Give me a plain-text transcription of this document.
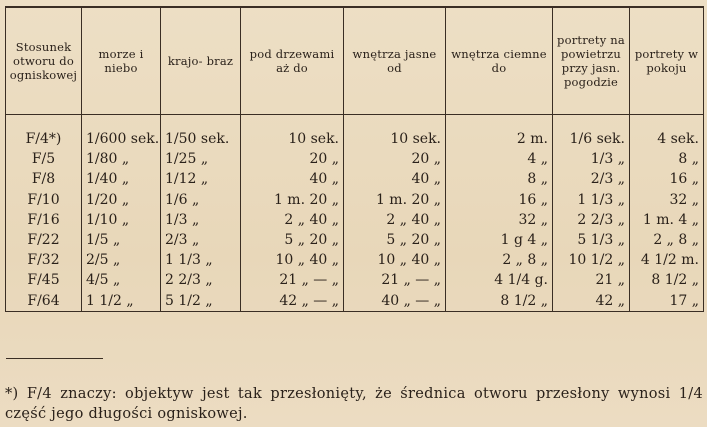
Stosunek otworu do ogniskowej	morze i niebo	krajo- braz	pod drzewami aż do	wnętrza jasne od	wnętrza ciemne do	portrety na powietrzu przy jasn. pogodzie	portrety w pokoju

F/4*)	1/600 sek.	1/50 sek.	10 sek.	10 sek.	2 m.	1/6 sek.	4 sek.
F/5	1/80 „	1/25 „	20 „	20 „	4 „	1/3 „	8 „
F/8	1/40 „	1/12 „	40 „	40 „	8 „	2/3 „	16 „
F/10	1/20 „	1/6 „	1 m. 20 „	1 m. 20 „	16 „	1 1/3 „	32 „
F/16	1/10 „	1/3 „	2 „ 40 „	2 „ 40 „	32 „	2 2/3 „	1 m. 4 „
F/22	1/5 „	2/3 „	5 „ 20 „	5 „ 20 „	1 g 4 „	5 1/3 „	2 „ 8 „
F/32	2/5 „	1 1/3 „	10 „ 40 „	10 „ 40 „	2 „ 8 „	10 1/2 „	4 1/2 m.
F/45	4/5 „	2 2/3 „	21 „ — „	21 „ — „	4 1/4 g.	21 „	8 1/2 „
F/64	1 1/2 „	5 1/2 „	42 „ — „	40 „ — „	8 1/2 „	42 „	17 „
*) F/4 znaczy: objektyw jest tak przesłonięty, że średnica otworu przesłony wynosi 1/4 część jego długości ogniskowej.
